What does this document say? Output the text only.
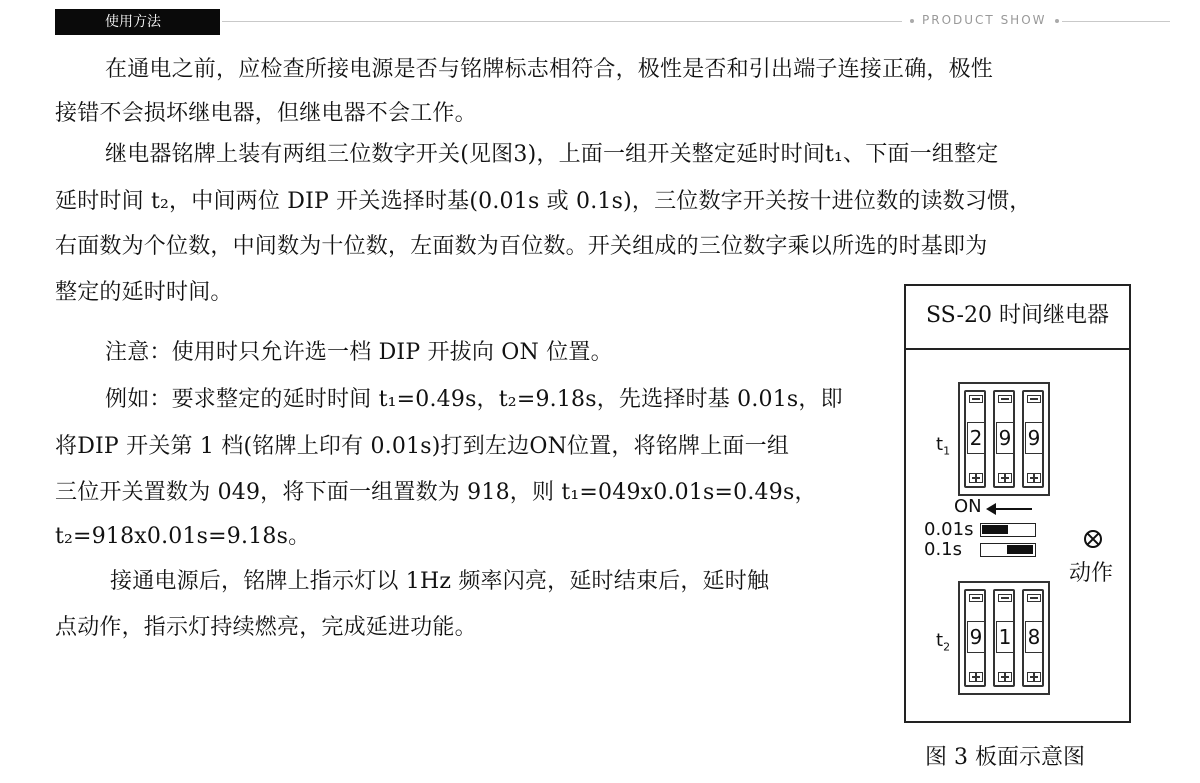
使用方法	PRODUCT SHOW
在通电之前，应检查所接电源是否与铭牌标志相符合，极性是否和引出端子连接正确，极性
接错不会损坏继电器，但继电器不会工作。
继电器铭牌上装有两组三位数字开关(见图3)，上面一组开关整定延时时间t₁、下面一组整定
延时时间 t₂，中间两位 DIP 开关选择时基(0.01s 或 0.1s)，三位数字开关按十进位数的读数习惯，
右面数为个位数，中间数为十位数，左面数为百位数。开关组成的三位数字乘以所选的时基即为
整定的延时时间。
注意：使用时只允许选一档 DIP 开拔向 ON 位置。
例如：要求整定的延时时间 t₁=0.49s，t₂=9.18s，先选择时基 0.01s，即
将DIP 开关第 1 档(铭牌上印有 0.01s)打到左边ON位置，将铭牌上面一组
三位开关置数为 049，将下面一组置数为 918，则 t₁=049x0.01s=0.49s，
t₂=918x0.01s=9.18s。
接通电源后，铭牌上指示灯以 1Hz 频率闪亮，延时结束后，延时触
点动作，指示灯持续燃亮，完成延进功能。
SS-20 时间继电器
$t_1$
2 9 9
ON
0.01s
0.1s
动作
$t_2$ 9 1 8
图 3 板面示意图
